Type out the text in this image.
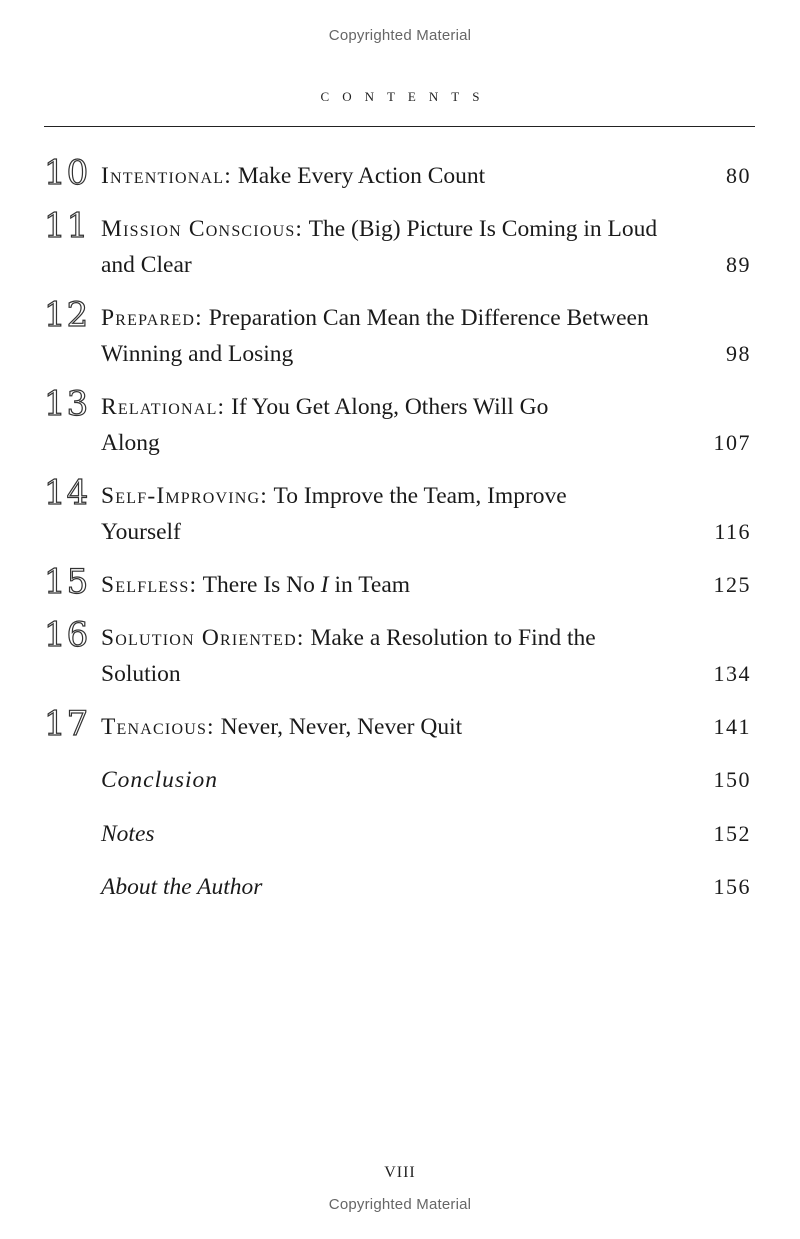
Copyrighted Material
CONTENTS
10 Intentional: Make Every Action Count	80
11 Mission Conscious: The (Big) Picture Is Coming in Loud and Clear	89
12 Prepared: Preparation Can Mean the Difference Between Winning and Losing	98
13 Relational: If You Get Along, Others Will Go Along	107
14 Self-Improving: To Improve the Team, Improve Yourself	116
15 Selfless: There Is No I in Team	125
16 Solution Oriented: Make a Resolution to Find the Solution	134
17 Tenacious: Never, Never, Never Quit	141
Conclusion	150
Notes	152
About the Author	156
VIII
Copyrighted Material
